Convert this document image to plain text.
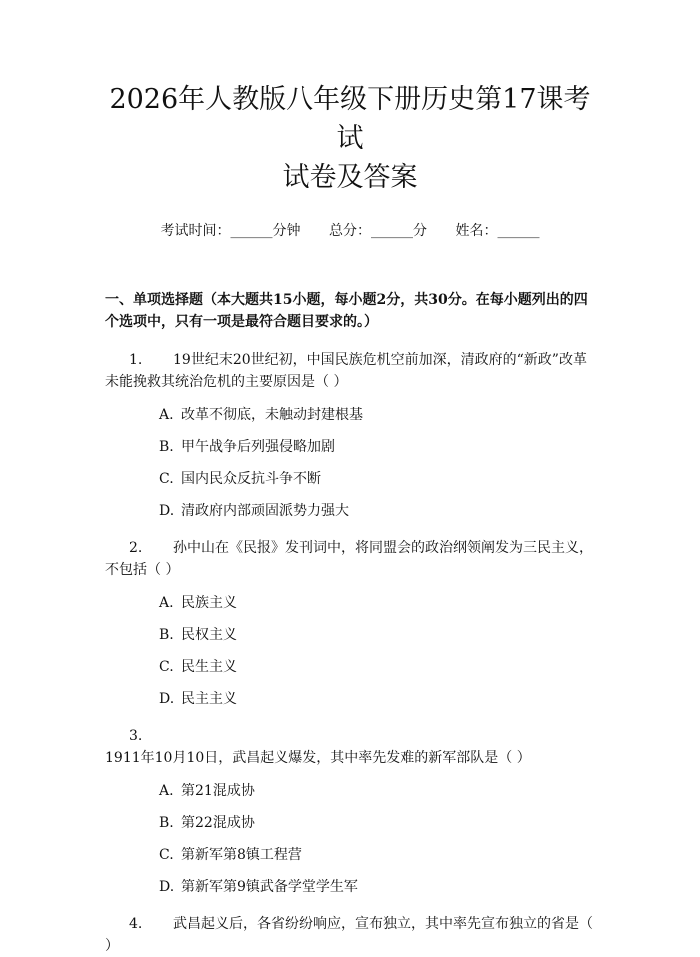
2026年人教版八年级下册历史第17课考试
试卷及答案
考试时间：______分钟 总分：______分 姓名：______
一、单项选择题（本大题共15小题，每小题2分，共30分。在每小题列出的四个选项中，只有一项是最符合题目要求的。）
1. 19世纪末20世纪初，中国民族危机空前加深，清政府的“新政”改革未能挽救其统治危机的主要原因是（ ）
A. 改革不彻底，未触动封建根基
B. 甲午战争后列强侵略加剧
C. 国内民众反抗斗争不断
D. 清政府内部顽固派势力强大
2. 孙中山在《民报》发刊词中，将同盟会的政治纲领阐发为三民主义，不包括（ ）
A. 民族主义
B. 民权主义
C. 民生主义
D. 民主主义
3.1911年10月10日，武昌起义爆发，其中率先发难的新军部队是（ ）
A. 第21混成协
B. 第22混成协
C. 第新军第8镇工程营
D. 第新军第9镇武备学堂学生军
4. 武昌起义后，各省纷纷响应，宣布独立，其中率先宣布独立的省是（ ）
